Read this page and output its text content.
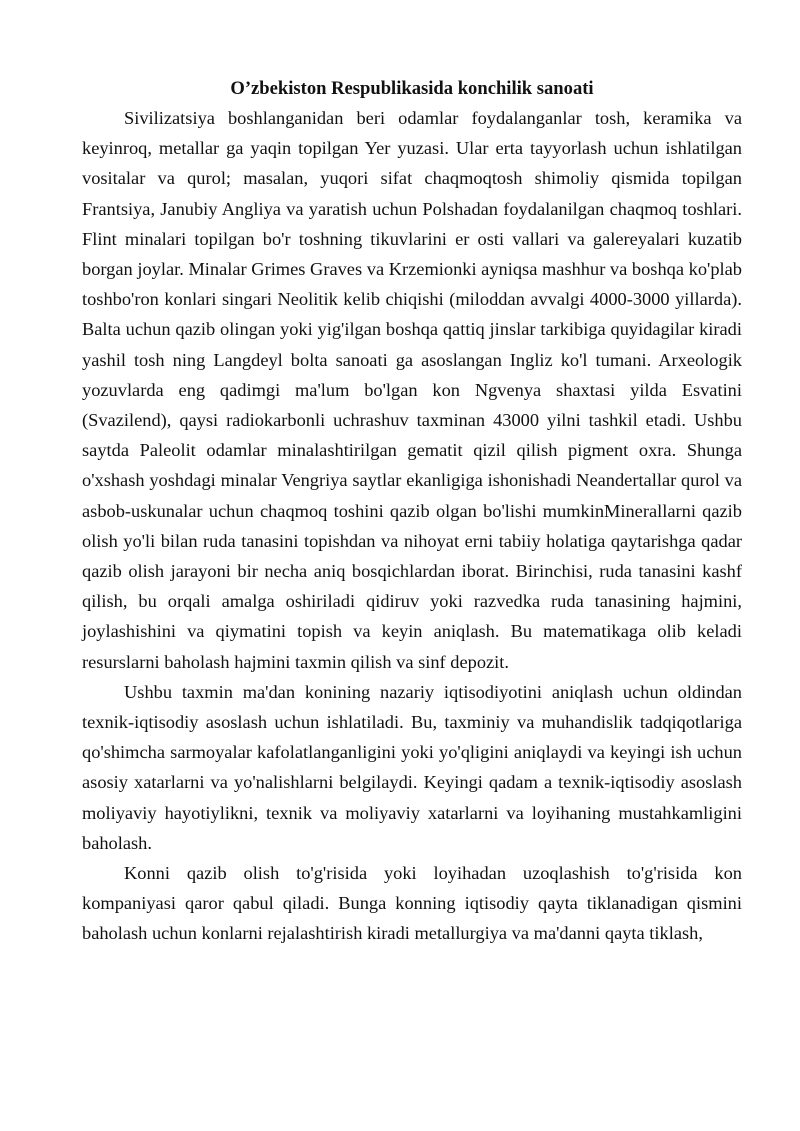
O’zbekiston Respublikasida konchilik sanoati

Sivilizatsiya boshlanganidan beri odamlar foydalanganlar tosh, keramika va keyinroq, metallar ga yaqin topilgan Yer yuzasi. Ular erta tayyorlash uchun ishlatilgan vositalar va qurol; masalan, yuqori sifat chaqmoqtosh shimoliy qismida topilgan Frantsiya, Janubiy Angliya va yaratish uchun Polshadan foydalanilgan chaqmoq toshlari. Flint minalari topilgan bo'r toshning tikuvlarini er osti vallari va galereyalari kuzatib borgan joylar. Minalar Grimes Graves va Krzemionki ayniqsa mashhur va boshqa ko'plab toshbo'ron konlari singari Neolitik kelib chiqishi (miloddan avvalgi 4000-3000 yillarda). Balta uchun qazib olingan yoki yig'ilgan boshqa qattiq jinslar tarkibiga quyidagilar kiradi yashil tosh ning Langdeyl bolta sanoati ga asoslangan Ingliz ko'l tumani. Arxeologik yozuvlarda eng qadimgi ma'lum bo'lgan kon Ngvenya shaxtasi yilda Esvatini (Svazilend), qaysi radiokarbonli uchrashuv taxminan 43000 yilni tashkil etadi. Ushbu saytda Paleolit odamlar minalashtirilgan gematit qizil qilish pigment oxra. Shunga o'xshash yoshdagi minalar Vengriya saytlar ekanligiga ishonishadi Neandertallar qurol va asbob-uskunalar uchun chaqmoq toshini qazib olgan bo'lishi mumkinMinerallarni qazib olish yo'li bilan ruda tanasini topishdan va nihoyat erni tabiiy holatiga qaytarishga qadar qazib olish jarayoni bir necha aniq bosqichlardan iborat. Birinchisi, ruda tanasini kashf qilish, bu orqali amalga oshiriladi qidiruv yoki razvedka ruda tanasining hajmini, joylashishini va qiymatini topish va keyin aniqlash. Bu matematikaga olib keladi resurslarni baholash hajmini taxmin qilish va sinf depozit.

Ushbu taxmin ma'dan konining nazariy iqtisodiyotini aniqlash uchun oldindan texnik-iqtisodiy asoslash uchun ishlatiladi. Bu, taxminiy va muhandislik tadqiqotlariga qo'shimcha sarmoyalar kafolatlanganligini yoki yo'qligini aniqlaydi va keyingi ish uchun asosiy xatarlarni va yo'nalishlarni belgilaydi. Keyingi qadam a texnik-iqtisodiy asoslash moliyaviy hayotiylikni, texnik va moliyaviy xatarlarni va loyihaning mustahkamligini baholash.

Konni qazib olish to'g'risida yoki loyihadan uzoqlashish to'g'risida kon kompaniyasi qaror qabul qiladi. Bunga konning iqtisodiy qayta tiklanadigan qismini baholash uchun konlarni rejalashtirish kiradi metallurgiya va ma'danni qayta tiklash,
